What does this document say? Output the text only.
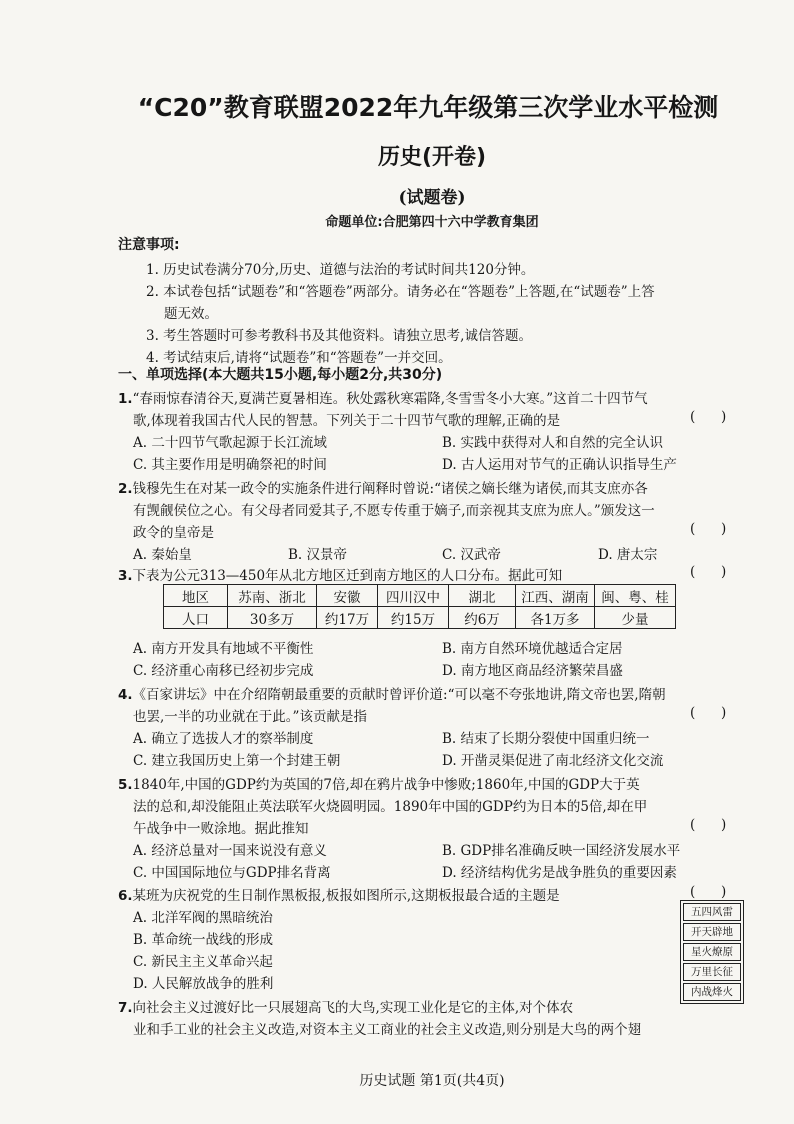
“C20”教育联盟2022年九年级第三次学业水平检测
历史(开卷)
(试题卷)
命题单位:合肥第四十六中学教育集团
注意事项:
1. 历史试卷满分70分,历史、道德与法治的考试时间共120分钟。
2. 本试卷包括“试题卷”和“答题卷”两部分。请务必在“答题卷”上答题,在“试题卷”上答
题无效。
3. 考生答题时可参考教科书及其他资料。请独立思考,诚信答题。
4. 考试结束后,请将“试题卷”和“答题卷”一并交回。
一、单项选择(本大题共15小题,每小题2分,共30分)
1.“春雨惊春清谷天,夏满芒夏暑相连。秋处露秋寒霜降,冬雪雪冬小大寒。”这首二十四节气
歌,体现着我国古代人民的智慧。下列关于二十四节气歌的理解,正确的是	(      )
A. 二十四节气歌起源于长江流域	B. 实践中获得对人和自然的完全认识
C. 其主要作用是明确祭祀的时间	D. 古人运用对节气的正确认识指导生产
2.钱穆先生在对某一政令的实施条件进行阐释时曾说:“诸侯之嫡长继为诸侯,而其支庶亦各
有觊觎侯位之心。有父母者同爱其子,不愿专传重于嫡子,而亲视其支庶为庶人。”颁发这一
政令的皇帝是	(      )
A. 秦始皇	B. 汉景帝	C. 汉武帝	D. 唐太宗
3.下表为公元313—450年从北方地区迁到南方地区的人口分布。据此可知	(      )
地区	苏南、浙北	安徽	四川汉中	湖北	江西、湖南	闽、粤、桂
人口	30多万	约17万	约15万	约6万	各1万多	少量
A. 南方开发具有地域不平衡性	B. 南方自然环境优越适合定居
C. 经济重心南移已经初步完成	D. 南方地区商品经济繁荣昌盛
4.《百家讲坛》中在介绍隋朝最重要的贡献时曾评价道:“可以毫不夸张地讲,隋文帝也罢,隋朝
也罢,一半的功业就在于此。”该贡献是指	(      )
A. 确立了选拔人才的察举制度	B. 结束了长期分裂使中国重归统一
C. 建立我国历史上第一个封建王朝	D. 开凿灵渠促进了南北经济文化交流
5.1840年,中国的GDP约为英国的7倍,却在鸦片战争中惨败;1860年,中国的GDP大于英
法的总和,却没能阻止英法联军火烧圆明园。1890年中国的GDP约为日本的5倍,却在甲
午战争中一败涂地。据此推知	(      )
A. 经济总量对一国来说没有意义	B. GDP排名准确反映一国经济发展水平
C. 中国国际地位与GDP排名背离	D. 经济结构优劣是战争胜负的重要因素
6.某班为庆祝党的生日制作黑板报,板报如图所示,这期板报最合适的主题是	(      )
A. 北洋军阀的黑暗统治
B. 革命统一战线的形成
C. 新民主主义革命兴起
D. 人民解放战争的胜利
五四风雷
开天辟地
星火燎原
万里长征
内战烽火
7.向社会主义过渡好比一只展翅高飞的大鸟,实现工业化是它的主体,对个体农
业和手工业的社会主义改造,对资本主义工商业的社会主义改造,则分别是大鸟的两个翅
历史试题 第1页(共4页)
